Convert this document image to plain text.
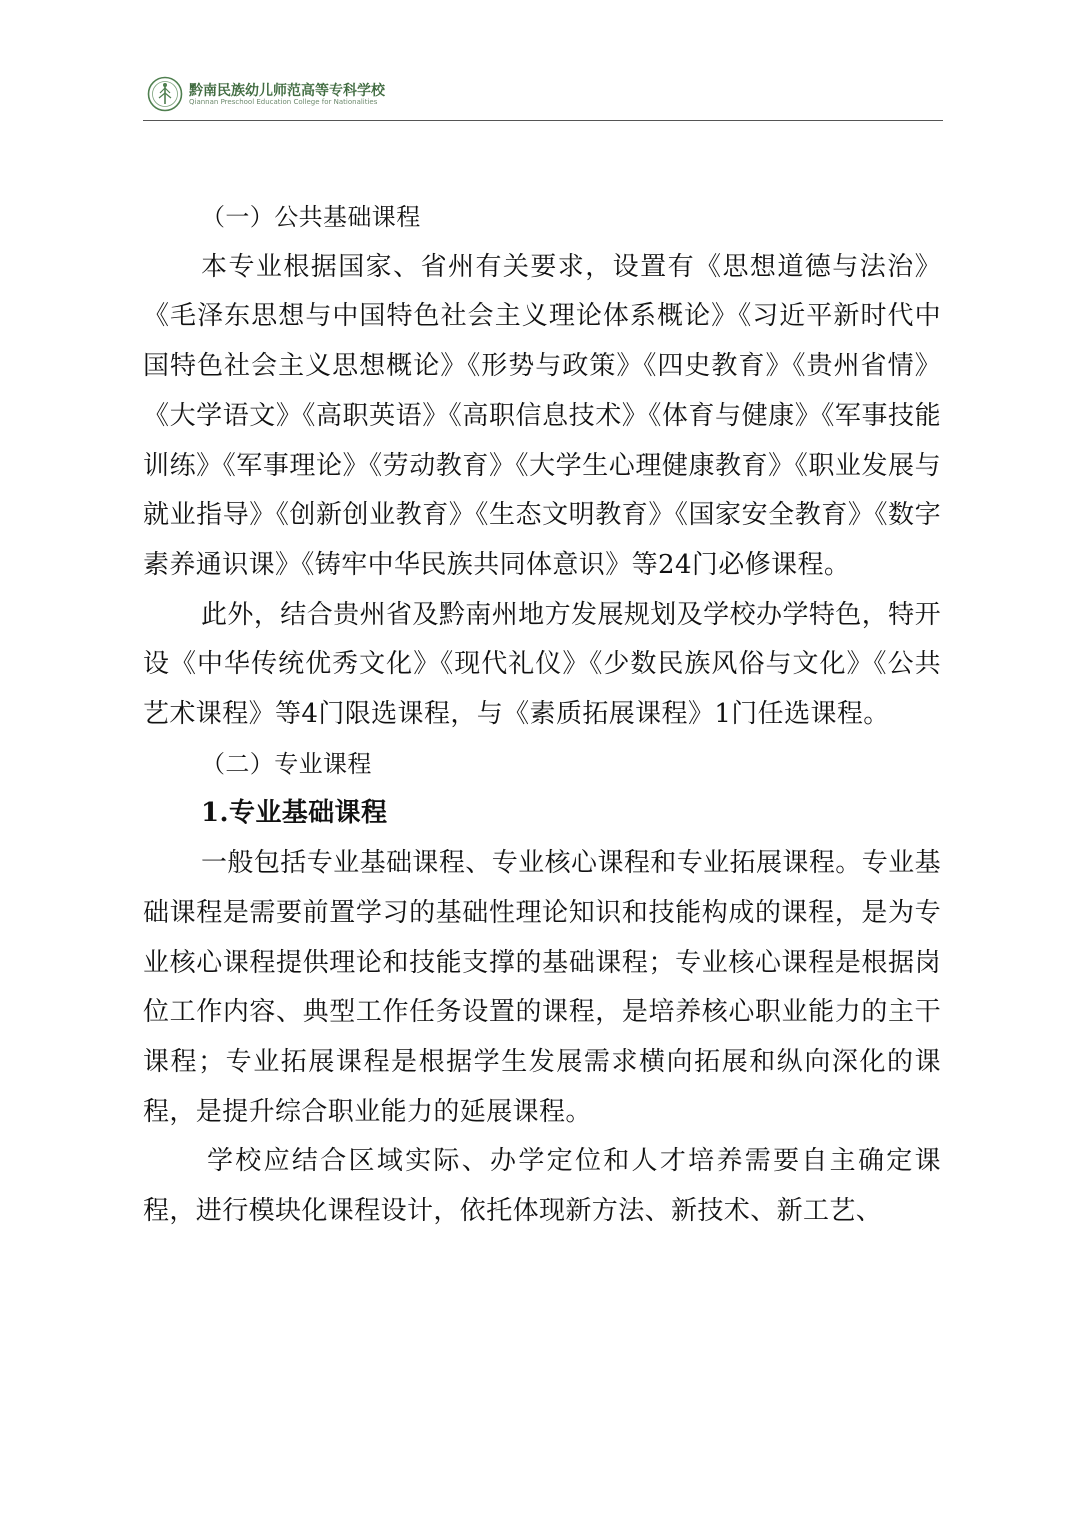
黔南民族幼儿师范高等专科学校
Qiannan Preschool Education College for Nationalities

（一）公共基础课程

本专业根据国家、省州有关要求，设置有《思想道德与法治》《毛泽东思想与中国特色社会主义理论体系概论》《习近平新时代中国特色社会主义思想概论》《形势与政策》《四史教育》《贵州省情》《大学语文》《高职英语》《高职信息技术》《体育与健康》《军事技能训练》《军事理论》《劳动教育》《大学生心理健康教育》《职业发展与就业指导》《创新创业教育》《生态文明教育》《国家安全教育》《数字素养通识课》《铸牢中华民族共同体意识》等24门必修课程。

此外，结合贵州省及黔南州地方发展规划及学校办学特色，特开设《中华传统优秀文化》《现代礼仪》《少数民族风俗与文化》《公共艺术课程》等4门限选课程，与《素质拓展课程》1门任选课程。

（二）专业课程

1.专业基础课程

一般包括专业基础课程、专业核心课程和专业拓展课程。专业基础课程是需要前置学习的基础性理论知识和技能构成的课程，是为专业核心课程提供理论和技能支撑的基础课程；专业核心课程是根据岗位工作内容、典型工作任务设置的课程，是培养核心职业能力的主干课程；专业拓展课程是根据学生发展需求横向拓展和纵向深化的课程，是提升综合职业能力的延展课程。

学校应结合区域实际、办学定位和人才培养需要自主确定课程，进行模块化课程设计，依托体现新方法、新技术、新工艺、
